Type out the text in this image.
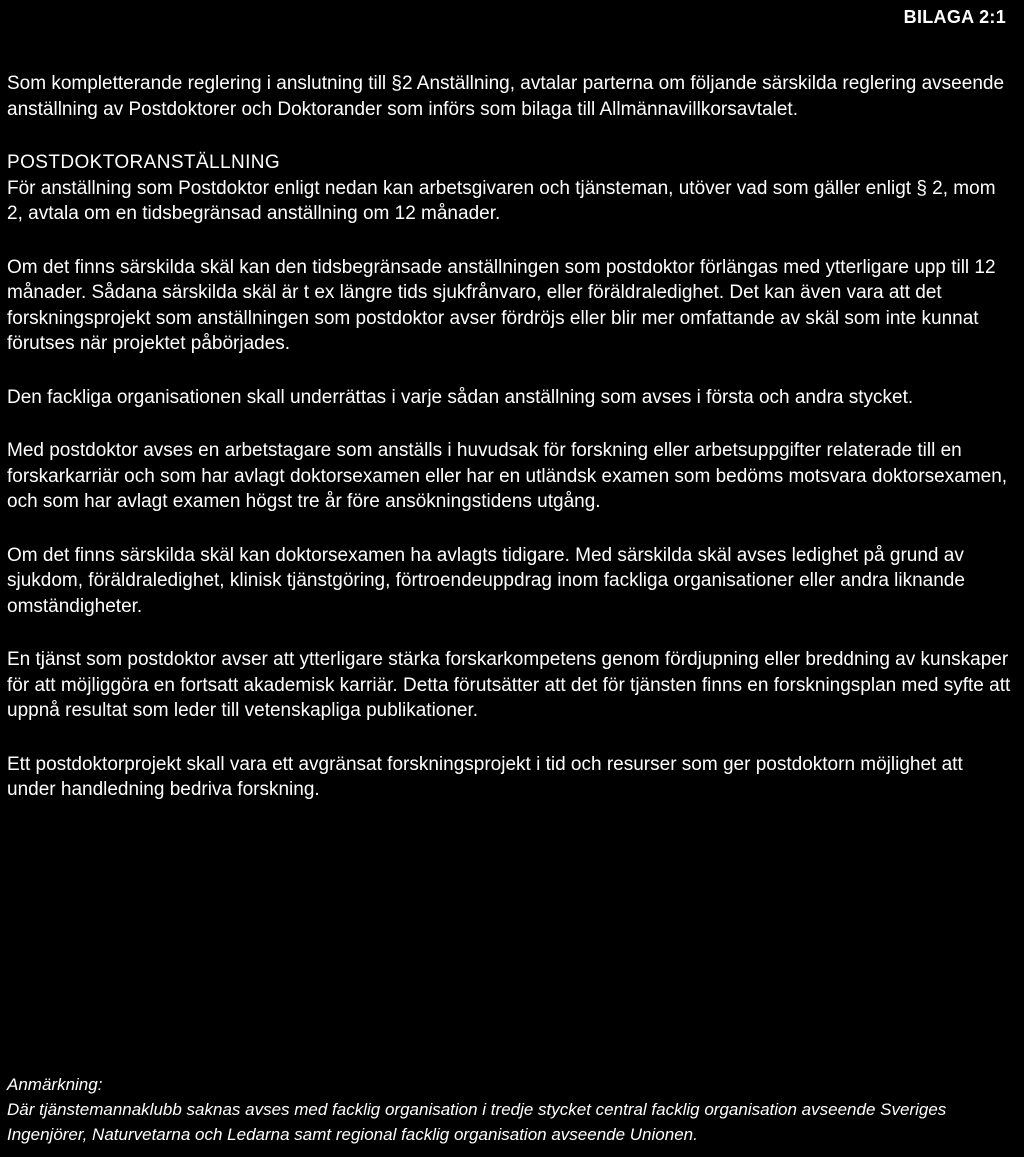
BILAGA 2:1

Som kompletterande reglering i anslutning till §2 Anställning, avtalar parterna om följande särskilda reglering avseende anställning av Postdoktorer och Doktorander som införs som bilaga till Allmännavillkorsavtalet.

POSTDOKTORANSTÄLLNING

För anställning som Postdoktor enligt nedan kan arbetsgivaren och tjänsteman, utöver vad som gäller enligt § 2, mom 2, avtala om en tidsbegränsad anställning om 12 månader.

Om det finns särskilda skäl kan den tidsbegränsade anställningen som postdoktor förlängas med ytterligare upp till 12 månader. Sådana särskilda skäl är t ex längre tids sjukfrånvaro, eller föräldraledighet. Det kan även vara att det forskningsprojekt som anställningen som postdoktor avser fördröjs eller blir mer omfattande av skäl som inte kunnat förutses när projektet påbörjades.

Den fackliga organisationen skall underrättas i varje sådan anställning som avses i första och andra stycket.

Med postdoktor avses en arbetstagare som anställs i huvudsak för forskning eller arbetsuppgifter relaterade till en forskarkarriär och som har avlagt doktorsexamen eller har en utländsk examen som bedöms motsvara doktorsexamen, och som har avlagt examen högst tre år före ansökningstidens utgång.

Om det finns särskilda skäl kan doktorsexamen ha avlagts tidigare. Med särskilda skäl avses ledighet på grund av sjukdom, föräldraledighet, klinisk tjänstgöring, förtroendeuppdrag inom fackliga organisationer eller andra liknande omständigheter.

En tjänst som postdoktor avser att ytterligare stärka forskarkompetens genom fördjupning eller breddning av kunskaper för att möjliggöra en fortsatt akademisk karriär. Detta förutsätter att det för tjänsten finns en forskningsplan med syfte att uppnå resultat som leder till vetenskapliga publikationer.

Ett postdoktorprojekt skall vara ett avgränsat forskningsprojekt i tid och resurser som ger postdoktorn möjlighet att under handledning bedriva forskning.

Anmärkning:

Där tjänstemannaklubb saknas avses med facklig organisation i tredje stycket central facklig organisation avseende Sveriges Ingenjörer, Naturvetarna och Ledarna samt regional facklig organisation avseende Unionen.
